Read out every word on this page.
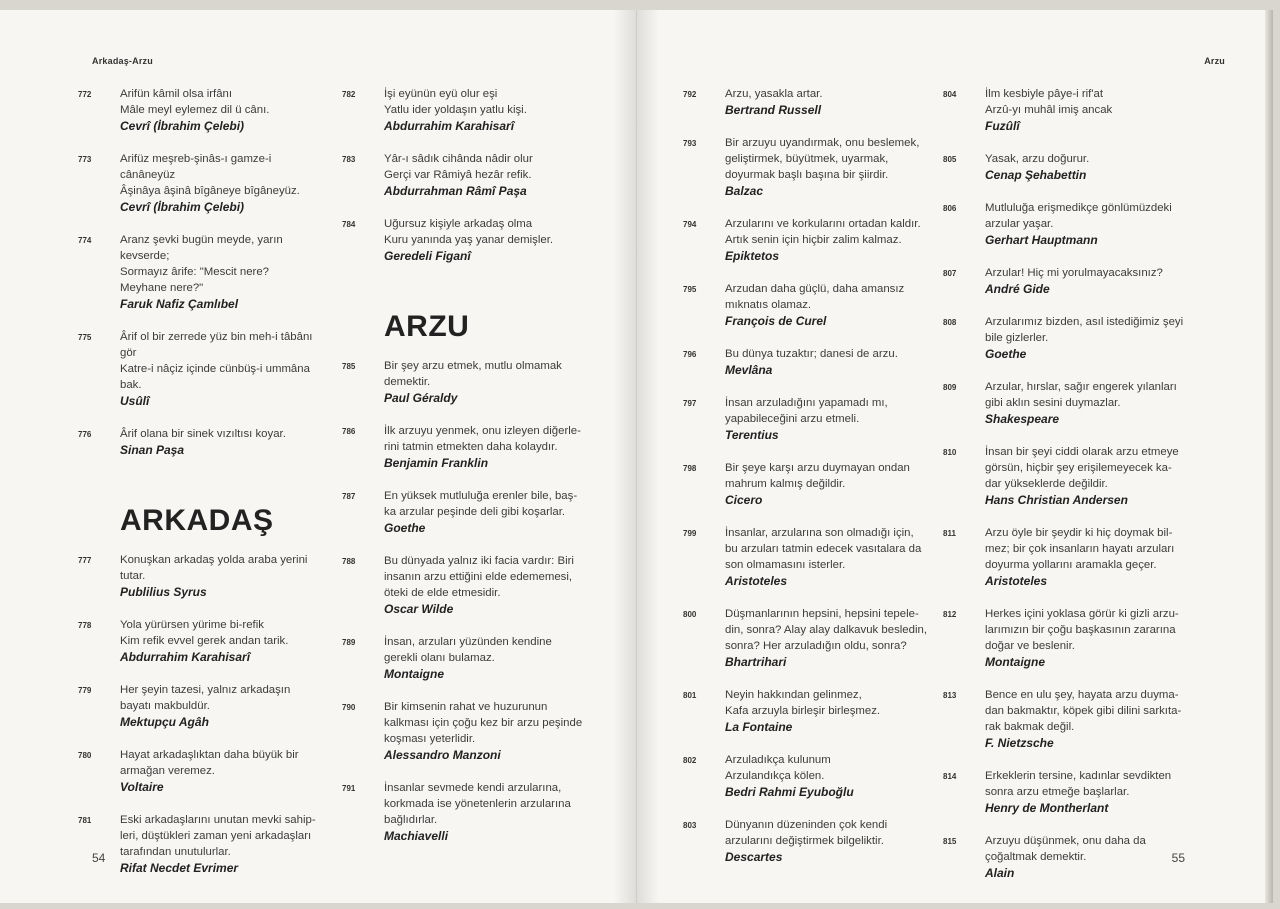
Arkadaş-Arzu
772	Arifün kâmil olsa irfânı
Mâle meyl eylemez dil ü cânı.
Cevrî (İbrahim Çelebi)
773	Arifüz meşreb-şinâs-ı gamze-i
cânâneyüz
Âşinâya âşinâ bîgâneye bîgâneyüz.
Cevrî (İbrahim Çelebi)
774	Aranz şevki bugün meyde, yarın
kevserde;
Sormayız ârife: "Mescit nere?
Meyhane nere?"
Faruk Nafiz Çamlıbel
775	Ârif ol bir zerrede yüz bin meh-i tâbânı
gör
Katre-i nâçiz içinde cünbüş-i ummâna
bak.
Usûlî
776	Ârif olana bir sinek vızıltısı koyar.
Sinan Paşa
ARKADAŞ
777	Konuşkan arkadaş yolda araba yerini
tutar.
Publilius Syrus
778	Yola yürürsen yürime bi-refik
Kim refik evvel gerek andan tarik.
Abdurrahim Karahisarî
779	Her şeyin tazesi, yalnız arkadaşın
bayatı makbuldür.
Mektupçu Agâh
780	Hayat arkadaşlıktan daha büyük bir
armağan veremez.
Voltaire
781	Eski arkadaşlarını unutan mevki sahip-
leri, düştükleri zaman yeni arkadaşları
tarafından unutulurlar.
Rifat Necdet Evrimer
782	İşi eyünün eyü olur eşi
Yatlu ider yoldaşın yatlu kişi.
Abdurrahim Karahisarî
783	Yâr-ı sâdık cihânda nâdir olur
Gerçi var Râmiyâ hezâr refik.
Abdurrahman Râmî Paşa
784	Uğursuz kişiyle arkadaş olma
Kuru yanında yaş yanar demişler.
Geredeli Figanî
ARZU
785	Bir şey arzu etmek, mutlu olmamak
demektir.
Paul Géraldy
786	İlk arzuyu yenmek, onu izleyen diğerle-
rini tatmin etmekten daha kolaydır.
Benjamin Franklin
787	En yüksek mutluluğa erenler bile, baş-
ka arzular peşinde deli gibi koşarlar.
Goethe
788	Bu dünyada yalnız iki facia vardır: Biri
insanın arzu ettiğini elde edememesi,
öteki de elde etmesidir.
Oscar Wilde
789	İnsan, arzuları yüzünden kendine
gerekli olanı bulamaz.
Montaigne
790	Bir kimsenin rahat ve huzurunun
kalkması için çoğu kez bir arzu peşinde
koşması yeterlidir.
Alessandro Manzoni
791	İnsanlar sevmede kendi arzularına,
korkmada ise yönetenlerin arzularına
bağlıdırlar.
Machiavelli
54
Arzu
792	Arzu, yasakla artar.
Bertrand Russell
793	Bir arzuyu uyandırmak, onu beslemek,
geliştirmek, büyütmek, uyarmak,
doyurmak başlı başına bir şiirdir.
Balzac
794	Arzularını ve korkularını ortadan kaldır.
Artık senin için hiçbir zalim kalmaz.
Epiktetos
795	Arzudan daha güçlü, daha amansız
mıknatıs olamaz.
François de Curel
796	Bu dünya tuzaktır; danesi de arzu.
Mevlâna
797	İnsan arzuladığını yapamadı mı,
yapabileceğini arzu etmeli.
Terentius
798	Bir şeye karşı arzu duymayan ondan
mahrum kalmış değildir.
Cicero
799	İnsanlar, arzularına son olmadığı için,
bu arzuları tatmin edecek vasıtalara da
son olmamasını isterler.
Aristoteles
800	Düşmanlarının hepsini, hepsini tepele-
din, sonra? Alay alay dalkavuk besledin,
sonra? Her arzuladığın oldu, sonra?
Bhartrihari
801	Neyin hakkından gelinmez,
Kafa arzuyla birleşir birleşmez.
La Fontaine
802	Arzuladıkça kulunum
Arzulandıkça kölen.
Bedri Rahmi Eyuboğlu
803	Dünyanın düzeninden çok kendi
arzularını değiştirmek bilgeliktir.
Descartes
804	İlm kesbiyle pâye-i rif'at
Arzû-yı muhâl imiş ancak
Fuzûlî
805	Yasak, arzu doğurur.
Cenap Şehabettin
806	Mutluluğa erişmedikçe gönlümüzdeki
arzular yaşar.
Gerhart Hauptmann
807	Arzular! Hiç mi yorulmayacaksınız?
André Gide
808	Arzularımız bizden, asıl istediğimiz şeyi
bile gizlerler.
Goethe
809	Arzular, hırslar, sağır engerek yılanları
gibi aklın sesini duymazlar.
Shakespeare
810	İnsan bir şeyi ciddi olarak arzu etmeye
görsün, hiçbir şey erişilemeyecek ka-
dar yükseklerde değildir.
Hans Christian Andersen
811	Arzu öyle bir şeydir ki hiç doymak bil-
mez; bir çok insanların hayatı arzuları
doyurma yollarını aramakla geçer.
Aristoteles
812	Herkes içini yoklasa görür ki gizli arzu-
larımızın bir çoğu başkasının zararına
doğar ve beslenir.
Montaigne
813	Bence en ulu şey, hayata arzu duyma-
dan bakmaktır, köpek gibi dilini sarkıta-
rak bakmak değil.
F. Nietzsche
814	Erkeklerin tersine, kadınlar sevdikten
sonra arzu etmeğe başlarlar.
Henry de Montherlant
815	Arzuyu düşünmek, onu daha da
çoğaltmak demektir.
Alain
55
